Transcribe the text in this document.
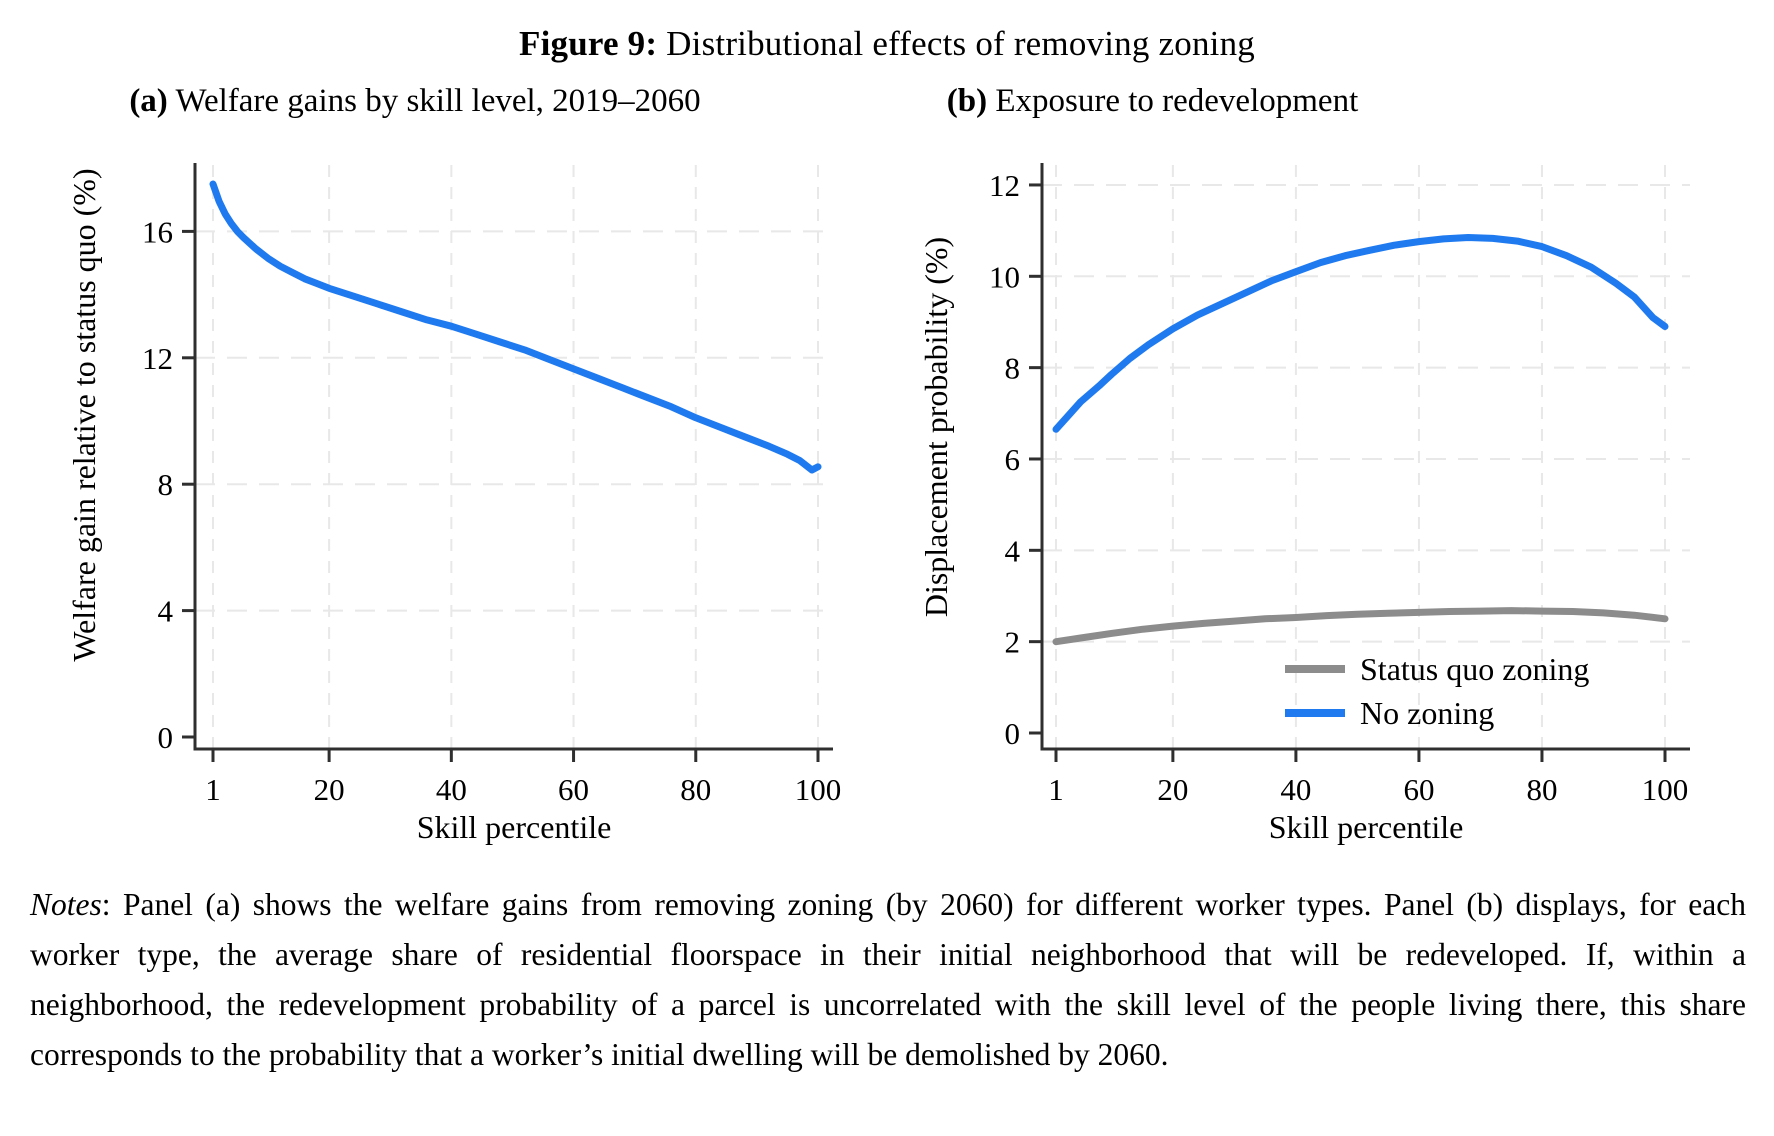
Figure 9: Distributional effects of removing zoning
(a) Welfare gains by skill level, 2019–2060	(b) Exposure to redevelopment
0
4
8
12
16
1	20	40	60	80	100
Skill percentile
Welfare gain relative to status quo (%)
0
2
4
6
8
10
12
1	20	40	60	80	100
Skill percentile
Displacement probability (%)
Status quo zoning
No zoning
Notes: Panel (a) shows the welfare gains from removing zoning (by 2060) for different worker types. Panel (b) displays, for each worker type, the average share of residential floorspace in their initial neighborhood that will be redeveloped. If, within a neighborhood, the redevelopment probability of a parcel is uncorrelated with the skill level of the people living there, this share corresponds to the probability that a worker’s initial dwelling will be demolished by 2060.
